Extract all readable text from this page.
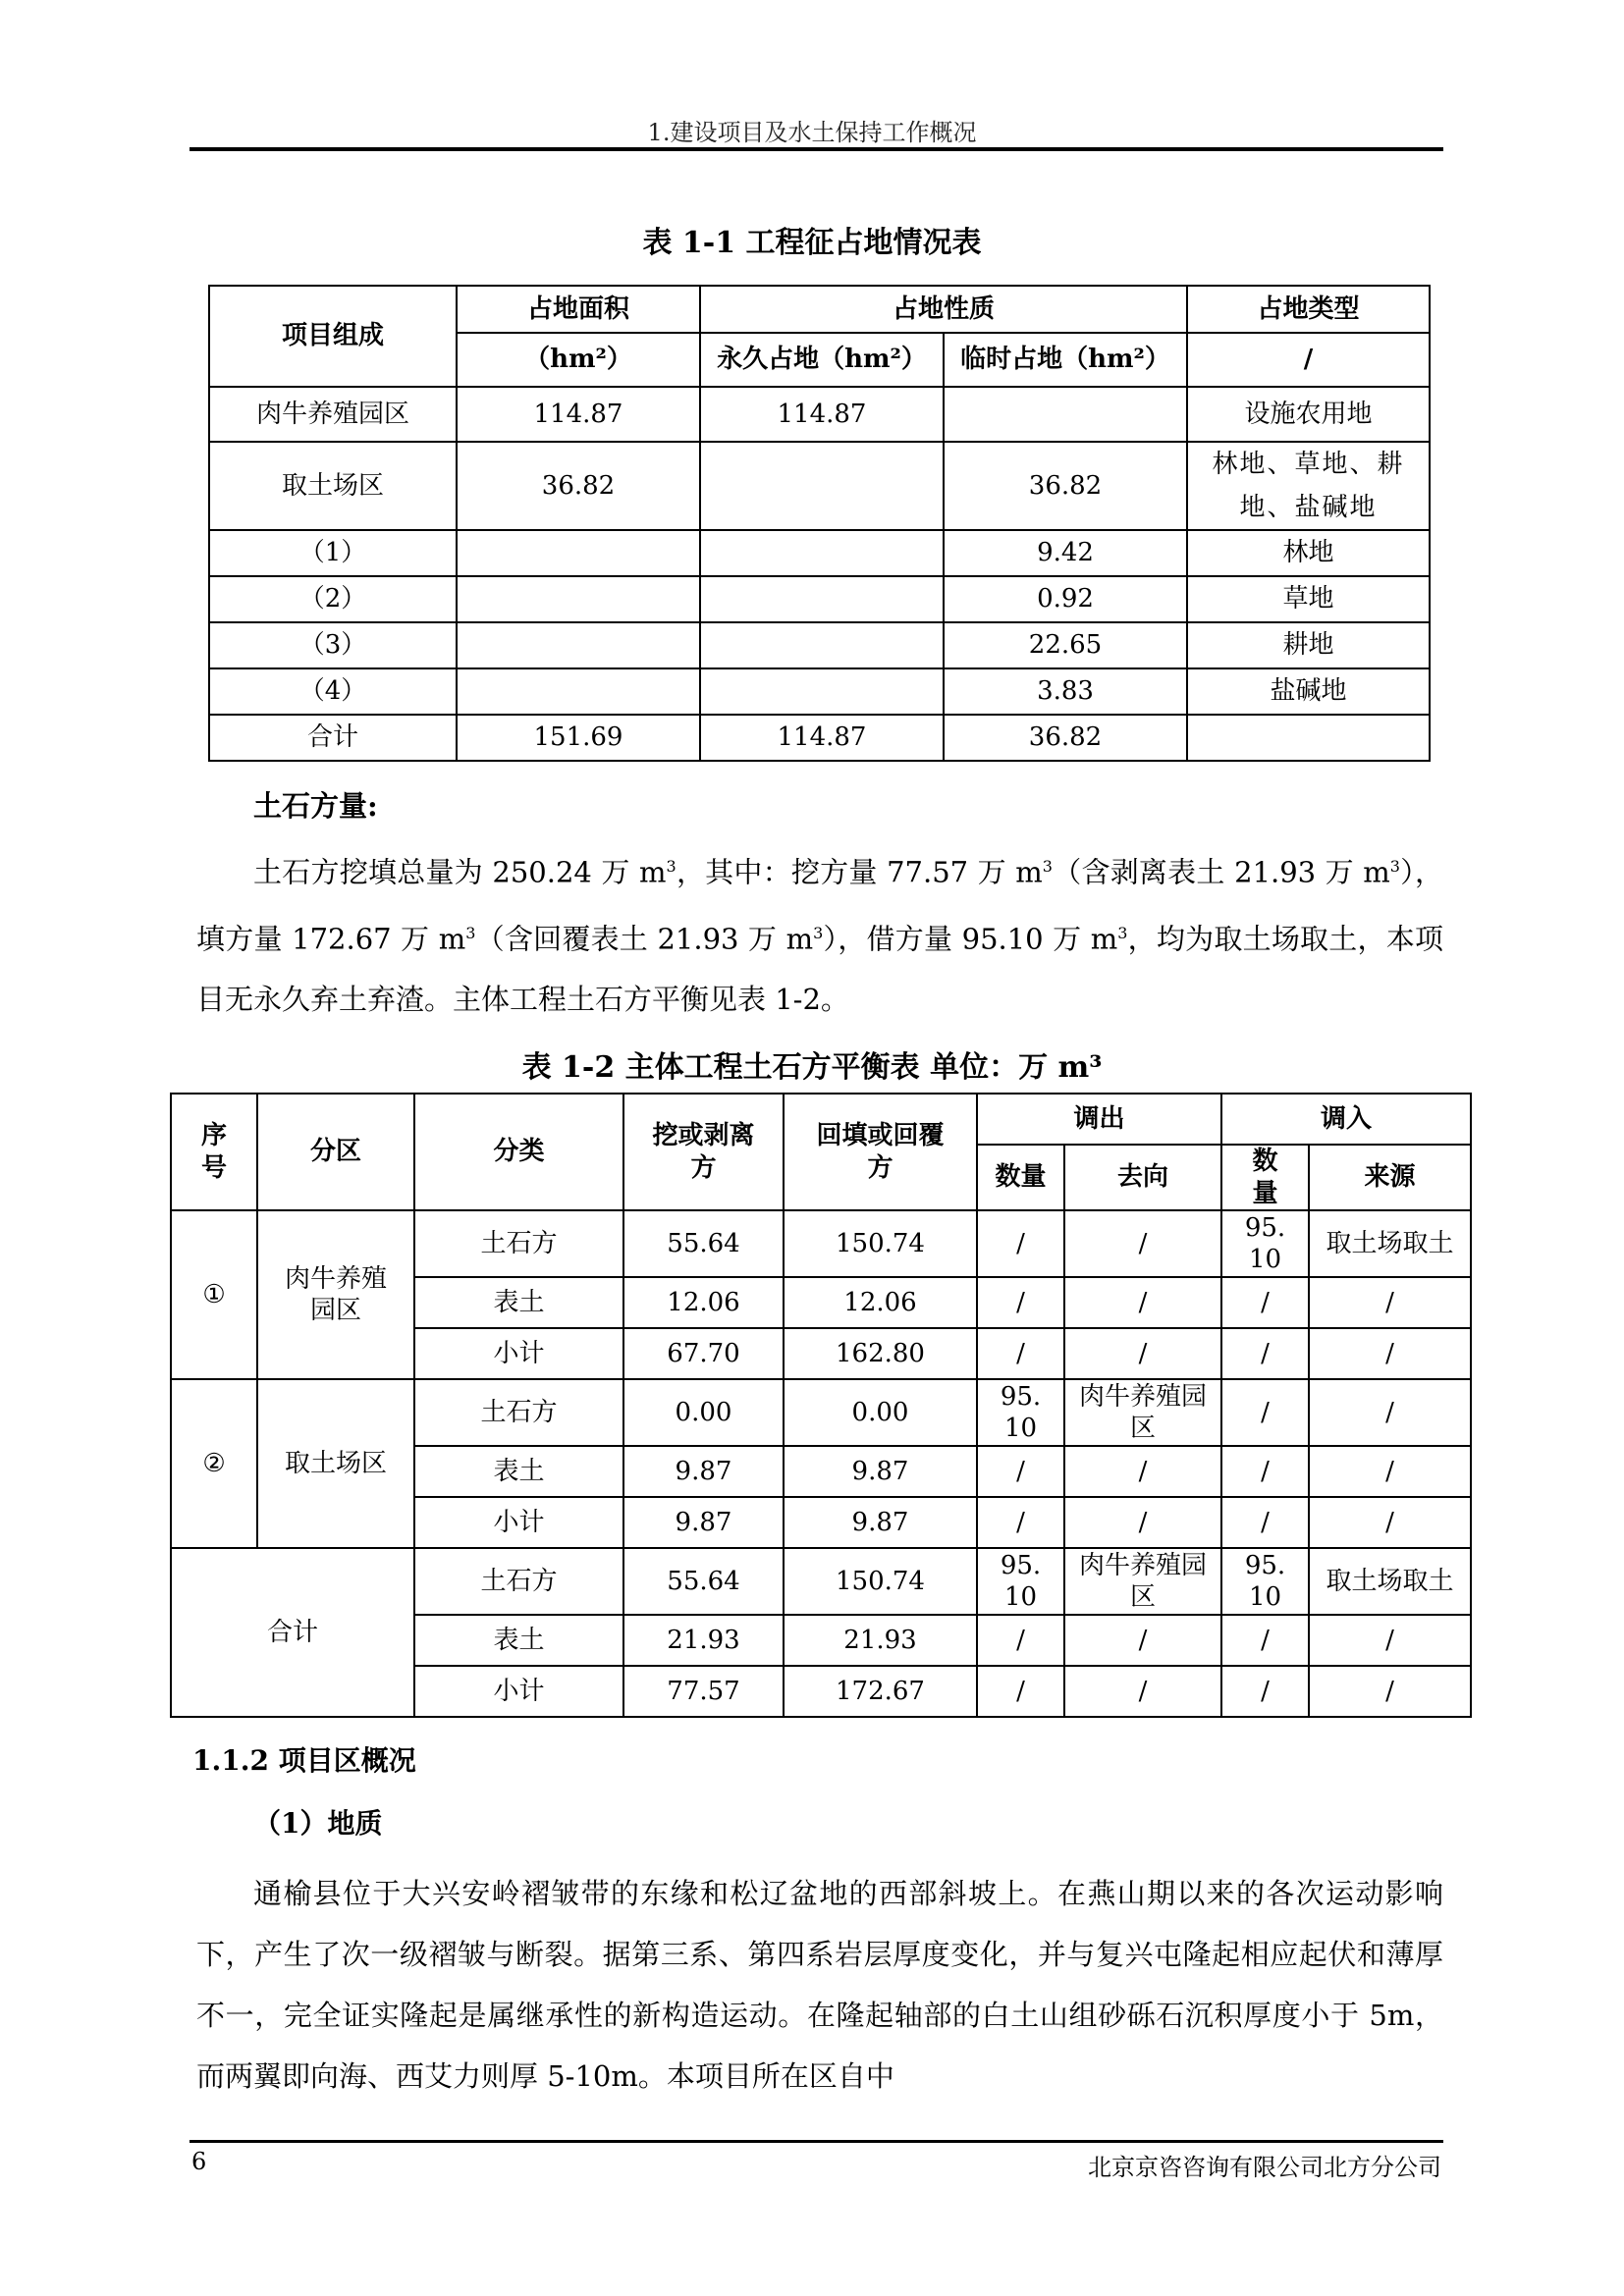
1.建设项目及水土保持工作概况
表 1-1 工程征占地情况表
项目组成	占地面积	占地性质		占地类型
	（hm²）	永久占地（hm²）	临时占地（hm²）	/
肉牛养殖园区	114.87	114.87		设施农用地
取土场区	36.82		36.82	林地、草地、耕地、盐碱地
（1）			9.42	林地
（2）			0.92	草地
（3）			22.65	耕地
（4）			3.83	盐碱地
合计	151.69	114.87	36.82	
土石方量:
土石方挖填总量为 250.24 万 $m^3$，其中：挖方量 77.57 万 $m^3$（含剥离表土 21.93 万 $m^3$），填方量 172.67 万 $m^3$（含回覆表土 21.93 万 $m^3$），借方量 95.10 万 $m^3$，均为取土场取土，本项目无永久弃土弃渣。主体工程土石方平衡见表 1-2。
表 1-2 主体工程土石方平衡表 单位：万 m³
序号	分区	分类	挖或剥离方	回填或回覆方	调出		调入	
					数量	去向	数量	来源
①	肉牛养殖园区	土石方	55.64	150.74	/	/	95.10	取土场取土
		表土	12.06	12.06	/	/	/	/
		小计	67.70	162.80	/	/	/	/
②	取土场区	土石方	0.00	0.00	95.10	肉牛养殖园区	/	/
		表土	9.87	9.87	/	/	/	/
		小计	9.87	9.87	/	/	/	/
合计		土石方	55.64	150.74	95.10	肉牛养殖园区	95.10	取土场取土
		表土	21.93	21.93	/	/	/	/
		小计	77.57	172.67	/	/	/	/
1.1.2 项目区概况
（1）地质
通榆县位于大兴安岭褶皱带的东缘和松辽盆地的西部斜坡上。在燕山期以来的各次运动影响下，产生了次一级褶皱与断裂。据第三系、第四系岩层厚度变化，并与复兴屯隆起相应起伏和薄厚不一，完全证实隆起是属继承性的新构造运动。在隆起轴部的白土山组砂砾石沉积厚度小于 5m，而两翼即向海、西艾力则厚 5-10m。本项目所在区自中
6	北京京咨咨询有限公司北方分公司
